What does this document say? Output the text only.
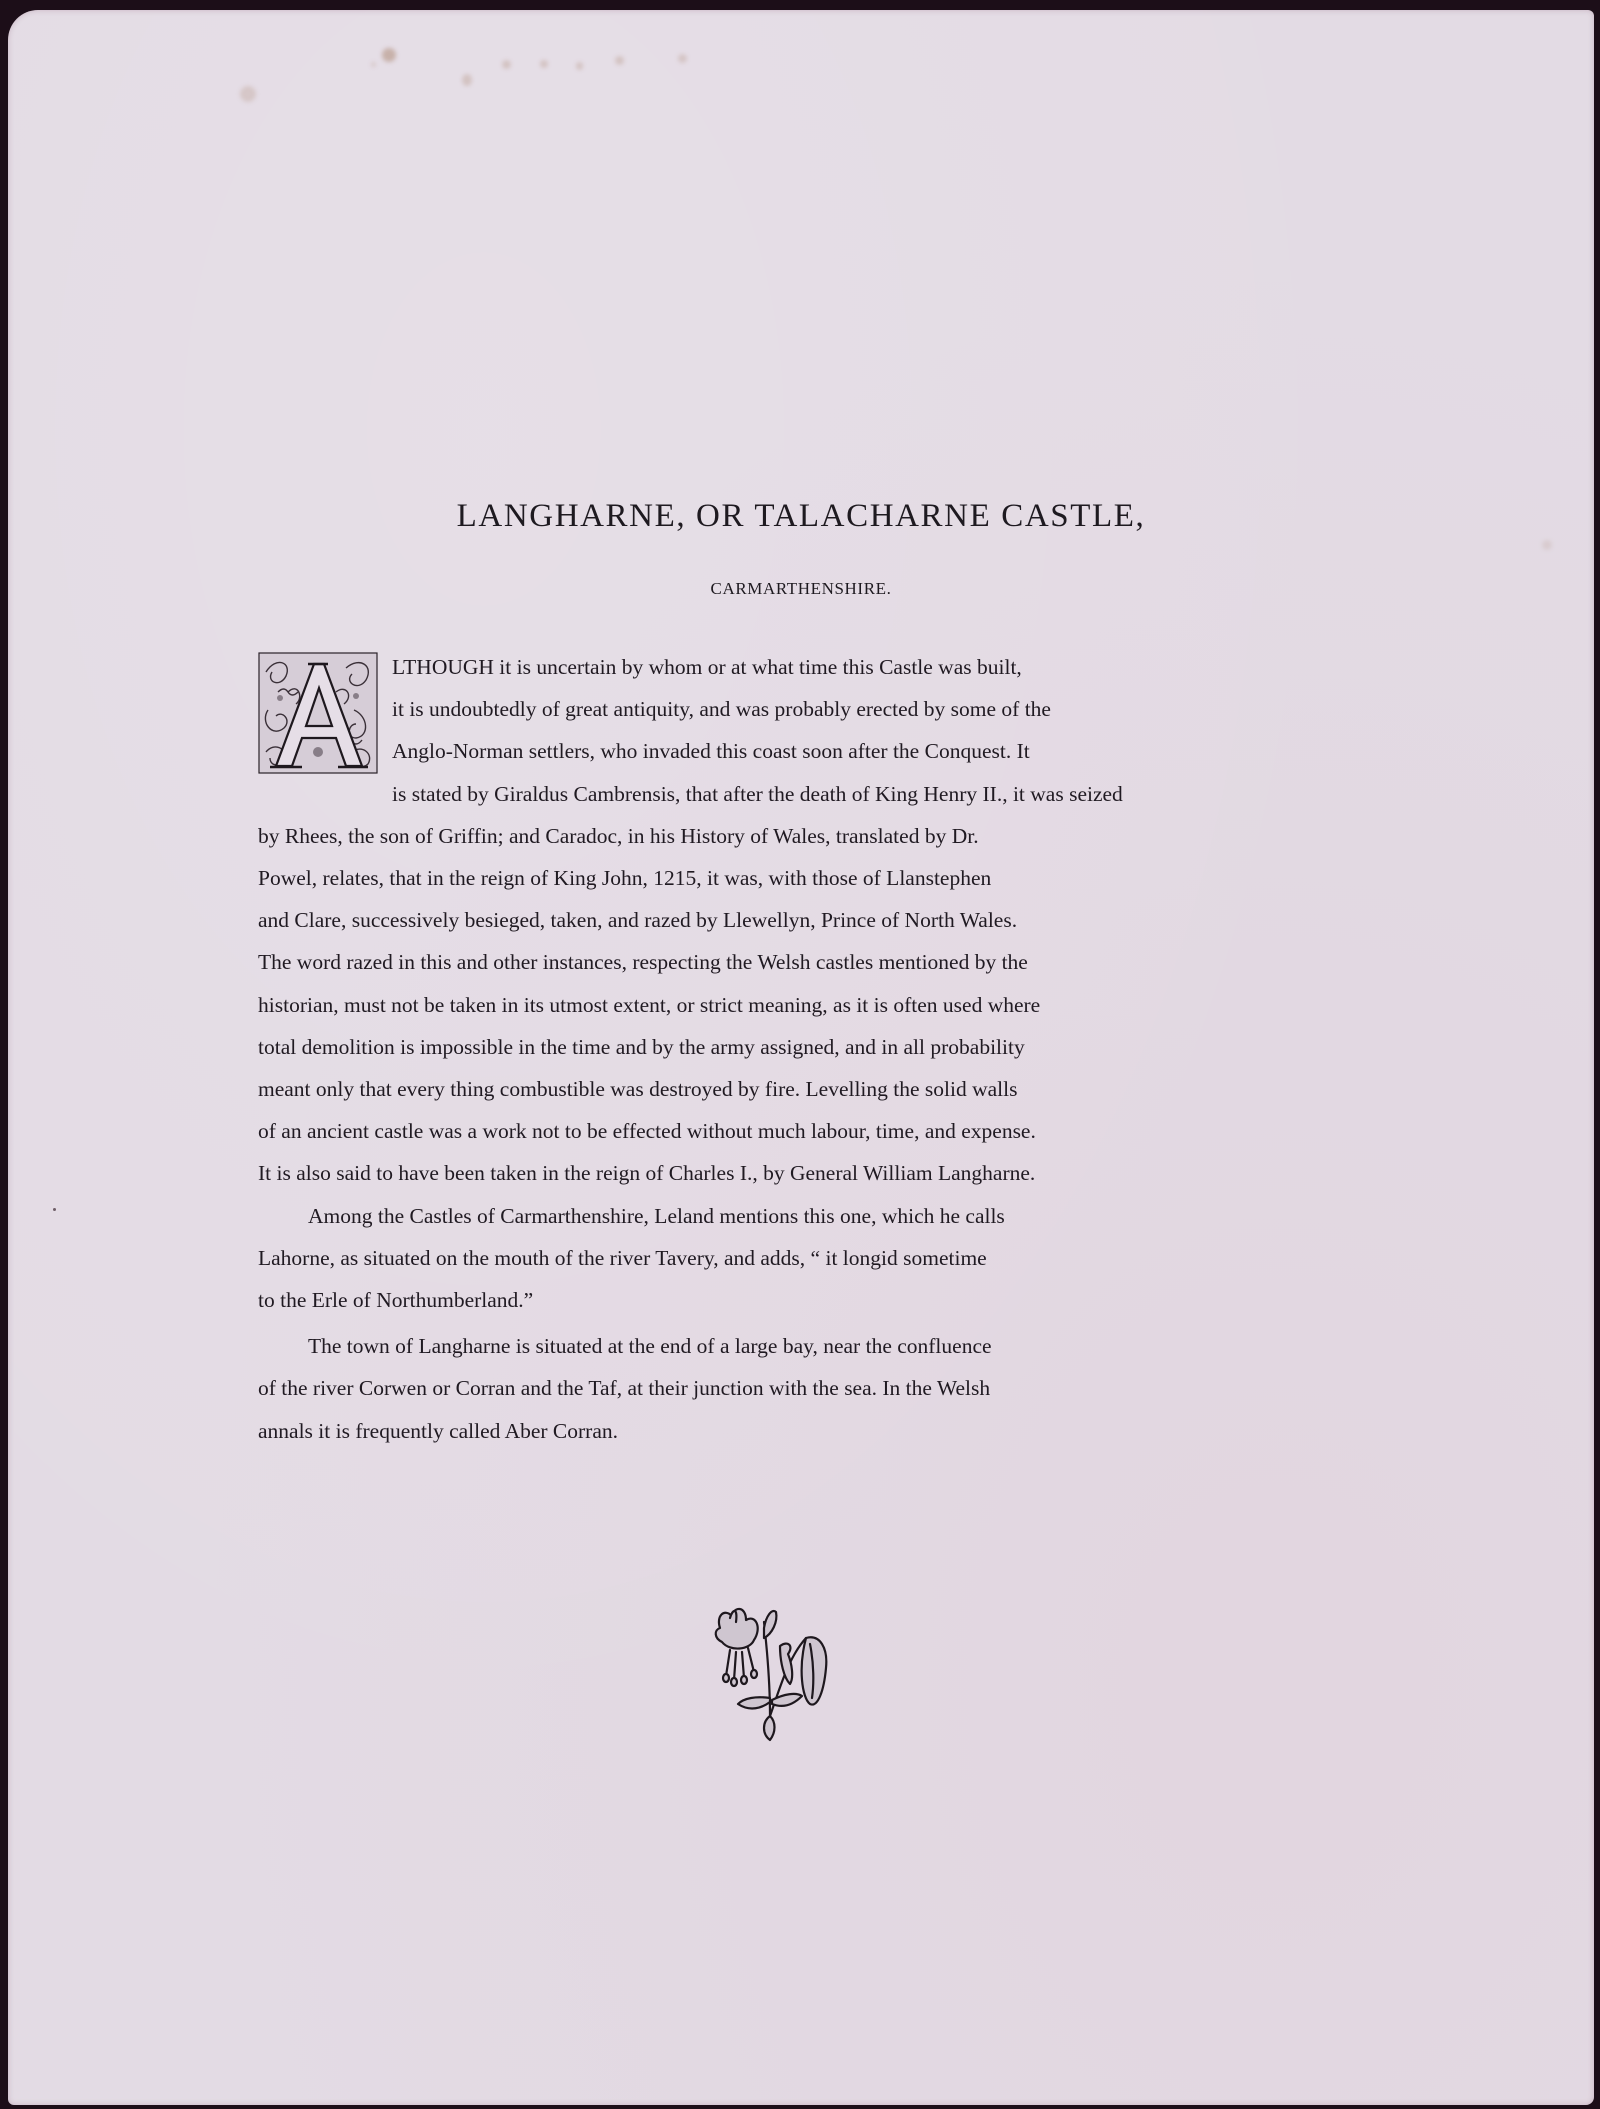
LANGHARNE, OR TALACHARNE CASTLE,
CARMARTHENSHIRE.

LTHOUGH it is uncertain by whom or at what time this Castle was built,
it is undoubtedly of great antiquity, and was probably erected by some of the
Anglo-Norman settlers, who invaded this coast soon after the Conquest. It
is stated by Giraldus Cambrensis, that after the death of King Henry II., it was seized
by Rhees, the son of Griffin; and Caradoc, in his History of Wales, translated by Dr.
Powel, relates, that in the reign of King John, 1215, it was, with those of Llanstephen
and Clare, successively besieged, taken, and razed by Llewellyn, Prince of North Wales.
The word razed in this and other instances, respecting the Welsh castles mentioned by the
historian, must not be taken in its utmost extent, or strict meaning, as it is often used where
total demolition is impossible in the time and by the army assigned, and in all probability
meant only that every thing combustible was destroyed by fire. Levelling the solid walls
of an ancient castle was a work not to be effected without much labour, time, and expense.
It is also said to have been taken in the reign of Charles I., by General William Langharne.

Among the Castles of Carmarthenshire, Leland mentions this one, which he calls
Lahorne, as situated on the mouth of the river Tavery, and adds, “ it longid sometime
to the Erle of Northumberland.”

The town of Langharne is situated at the end of a large bay, near the confluence
of the river Corwen or Corran and the Taf, at their junction with the sea. In the Welsh
annals it is frequently called Aber Corran.
